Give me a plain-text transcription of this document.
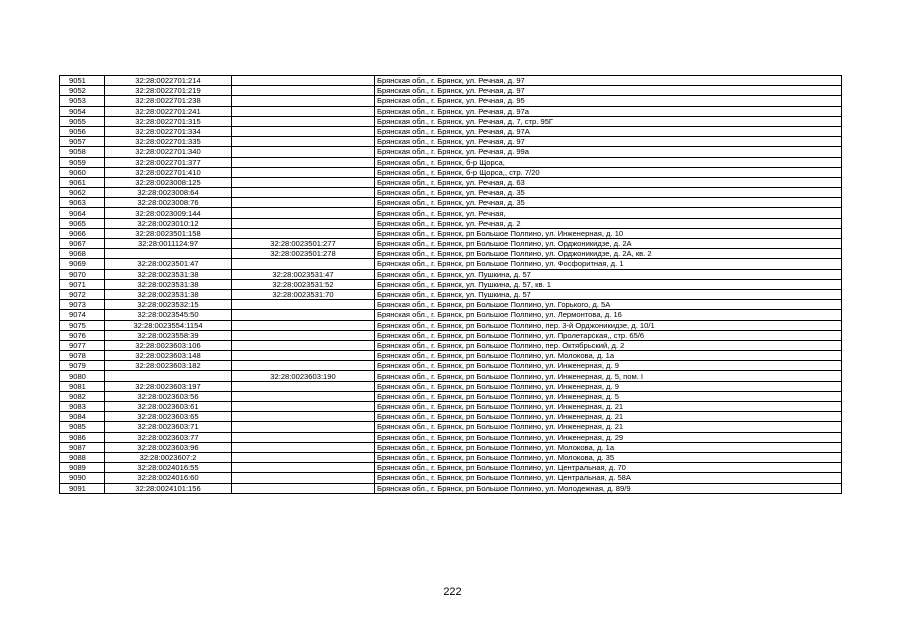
9051	32:28:0022701:214		Брянская обл., г. Брянск, ул. Речная, д. 97
9052	32:28:0022701:219		Брянская обл., г. Брянск, ул. Речная, д. 97
9053	32:28:0022701:238		Брянская обл., г. Брянск, ул. Речная, д. 95
9054	32:28:0022701:241		Брянская обл., г. Брянск, ул. Речная, д. 97а
9055	32:28:0022701:315		Брянская обл., г. Брянск, ул. Речная, д. 7, стр. 95Г
9056	32:28:0022701:334		Брянская обл., г. Брянск, ул. Речная, д. 97А
9057	32:28:0022701:335		Брянская обл., г. Брянск, ул. Речная, д. 97
9058	32:28:0022701:340		Брянская обл., г. Брянск, ул. Речная, д. 99а
9059	32:28:0022701:377		Брянская обл., г. Брянск, б-р Щорса,
9060	32:28:0022701:410		Брянская обл., г. Брянск, б-р Щорса,, стр. 7/20
9061	32:28:0023008:125		Брянская обл., г. Брянск, ул. Речная, д. 63
9062	32:28:0023008:64		Брянская обл., г. Брянск, ул. Речная, д. 35
9063	32:28:0023008:76		Брянская обл., г. Брянск, ул. Речная, д. 35
9064	32:28:0023009:144		Брянская обл., г. Брянск, ул. Речная,
9065	32:28:0023010:12		Брянская обл., г. Брянск, ул. Речная, д. 2
9066	32:28:0023501:158		Брянская обл., г. Брянск, рп Большое Полпино, ул. Инженерная, д. 10
9067	32:28:0011124:97	32:28:0023501:277	Брянская обл., г. Брянск, рп Большое Полпино, ул. Орджоникидзе, д. 2А
9068		32:28:0023501:278	Брянская обл., г. Брянск, рп Большое Полпино, ул. Орджоникидзе, д. 2А, кв. 2
9069	32:28:0023501:47		Брянская обл., г. Брянск, рп Большое Полпино, ул. Фосфоритная, д. 1
9070	32:28:0023531:38	32:28:0023531:47	Брянская обл., г. Брянск, ул. Пушкина, д. 57
9071	32:28:0023531:38	32:28:0023531:52	Брянская обл., г. Брянск, ул. Пушкина, д. 57, кв. 1
9072	32:28:0023531:38	32:28:0023531:70	Брянская обл., г. Брянск, ул. Пушкина, д. 57
9073	32:28:0023532:15		Брянская обл., г. Брянск, рп Большое Полпино, ул. Горького, д. 5А
9074	32:28:0023545:50		Брянская обл., г. Брянск, рп Большое Полпино, ул. Лермонтова, д. 16
9075	32:28:0023554:1154		Брянская обл., г. Брянск, рп Большое Полпино, пер. 3-й Орджоникидзе, д. 10/1
9076	32:28:0023558:39		Брянская обл., г. Брянск, рп Большое Полпино, ул. Пролетарская,, стр. 65/6
9077	32:28:0023603:106		Брянская обл., г. Брянск, рп Большое Полпино, пер. Октябрьский, д. 2
9078	32:28:0023603:148		Брянская обл., г. Брянск, рп Большое Полпино, ул. Молокова, д. 1а
9079	32:28:0023603:182		Брянская обл., г. Брянск, рп Большое Полпино, ул. Инженерная, д. 9
9080		32:28:0023603:190	Брянская обл., г. Брянск, рп Большое Полпино, ул. Инженерная, д. 5, пом. I
9081	32:28:0023603:197		Брянская обл., г. Брянск, рп Большое Полпино, ул. Инженерная, д. 9
9082	32:28:0023603:56		Брянская обл., г. Брянск, рп Большое Полпино, ул. Инженерная, д. 5
9083	32:28:0023603:61		Брянская обл., г. Брянск, рп Большое Полпино, ул. Инженерная, д. 21
9084	32:28:0023603:65		Брянская обл., г. Брянск, рп Большое Полпино, ул. Инженерная, д. 21
9085	32:28:0023603:71		Брянская обл., г. Брянск, рп Большое Полпино, ул. Инженерная, д. 21
9086	32:28:0023603:77		Брянская обл., г. Брянск, рп Большое Полпино, ул. Инженерная, д. 29
9087	32:28:0023603:96		Брянская обл., г. Брянск, рп Большое Полпино, ул. Молокова, д. 1а
9088	32:28:0023607:2		Брянская обл., г. Брянск, рп Большое Полпино, ул. Молокова, д. 35
9089	32:28:0024016:55		Брянская обл., г. Брянск, рп Большое Полпино, ул. Центральная, д. 70
9090	32:28:0024016:60		Брянская обл., г. Брянск, рп Большое Полпино, ул. Центральная, д. 58А
9091	32:28:0024101:156		Брянская обл., г. Брянск, рп Большое Полпино, ул. Молодежная, д. 89/9
222
